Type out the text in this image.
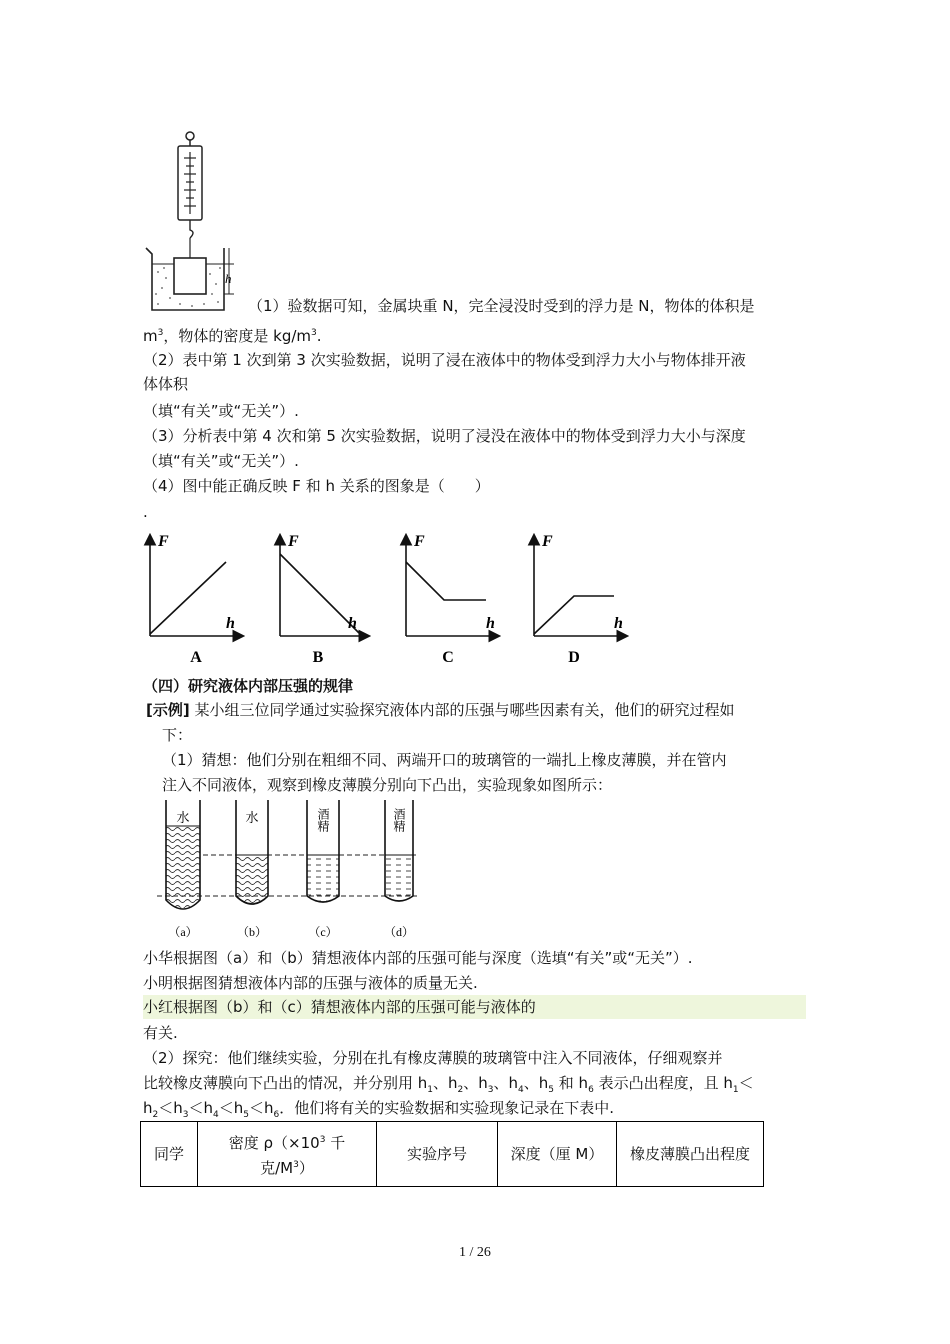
h
（1）验数据可知，金属块重 N，完全浸没时受到的浮力是 N，物体的体积是
$m^3$，物体的密度是 $kg/m^3$.
（2）表中第 1 次到第 3 次实验数据，说明了浸在液体中的物体受到浮力大小与物体排开液
体体积
（填“有关”或“无关”）.
（3）分析表中第 4 次和第 5 次实验数据，说明了浸没在液体中的物体受到浮力大小与深度
（填“有关”或“无关”）.
（4）图中能正确反映 F 和 h 关系的图象是（　　）
.
F
h
A
F
h
B
F
h
C
F
h
D
（四）研究液体内部压强的规律
[示例] 某小组三位同学通过实验探究液体内部的压强与哪些因素有关，他们的研究过程如
下：
（1）猜想：他们分别在粗细不同、两端开口的玻璃管的一端扎上橡皮薄膜，并在管内
注入不同液体，观察到橡皮薄膜分别向下凸出，实验现象如图所示：
水
（a）
水
（b）
酒精
（c）
酒精
（d）
小华根据图（a）和（b）猜想液体内部的压强可能与深度（选填“有关”或“无关”）.
小明根据图猜想液体内部的压强与液体的质量无关.
小红根据图（b）和（c）猜想液体内部的压强可能与液体的
有关.
（2）探究：他们继续实验，分别在扎有橡皮薄膜的玻璃管中注入不同液体，仔细观察并
比较橡皮薄膜向下凸出的情况，并分别用 $h_1$、$h_2$、$h_3$、$h_4$、$h_5$ 和 $h_6$ 表示凸出程度，且 $h_1<$
$h_2<h_3<h_4<h_5<h_6$．他们将有关的实验数据和实验现象记录在下表中.
同学	密度 $\rho(\times 10^3$ 千
克$/M^3$）	实验序号	深度（厘 M）	橡皮薄膜凸出程度
1 / 26
